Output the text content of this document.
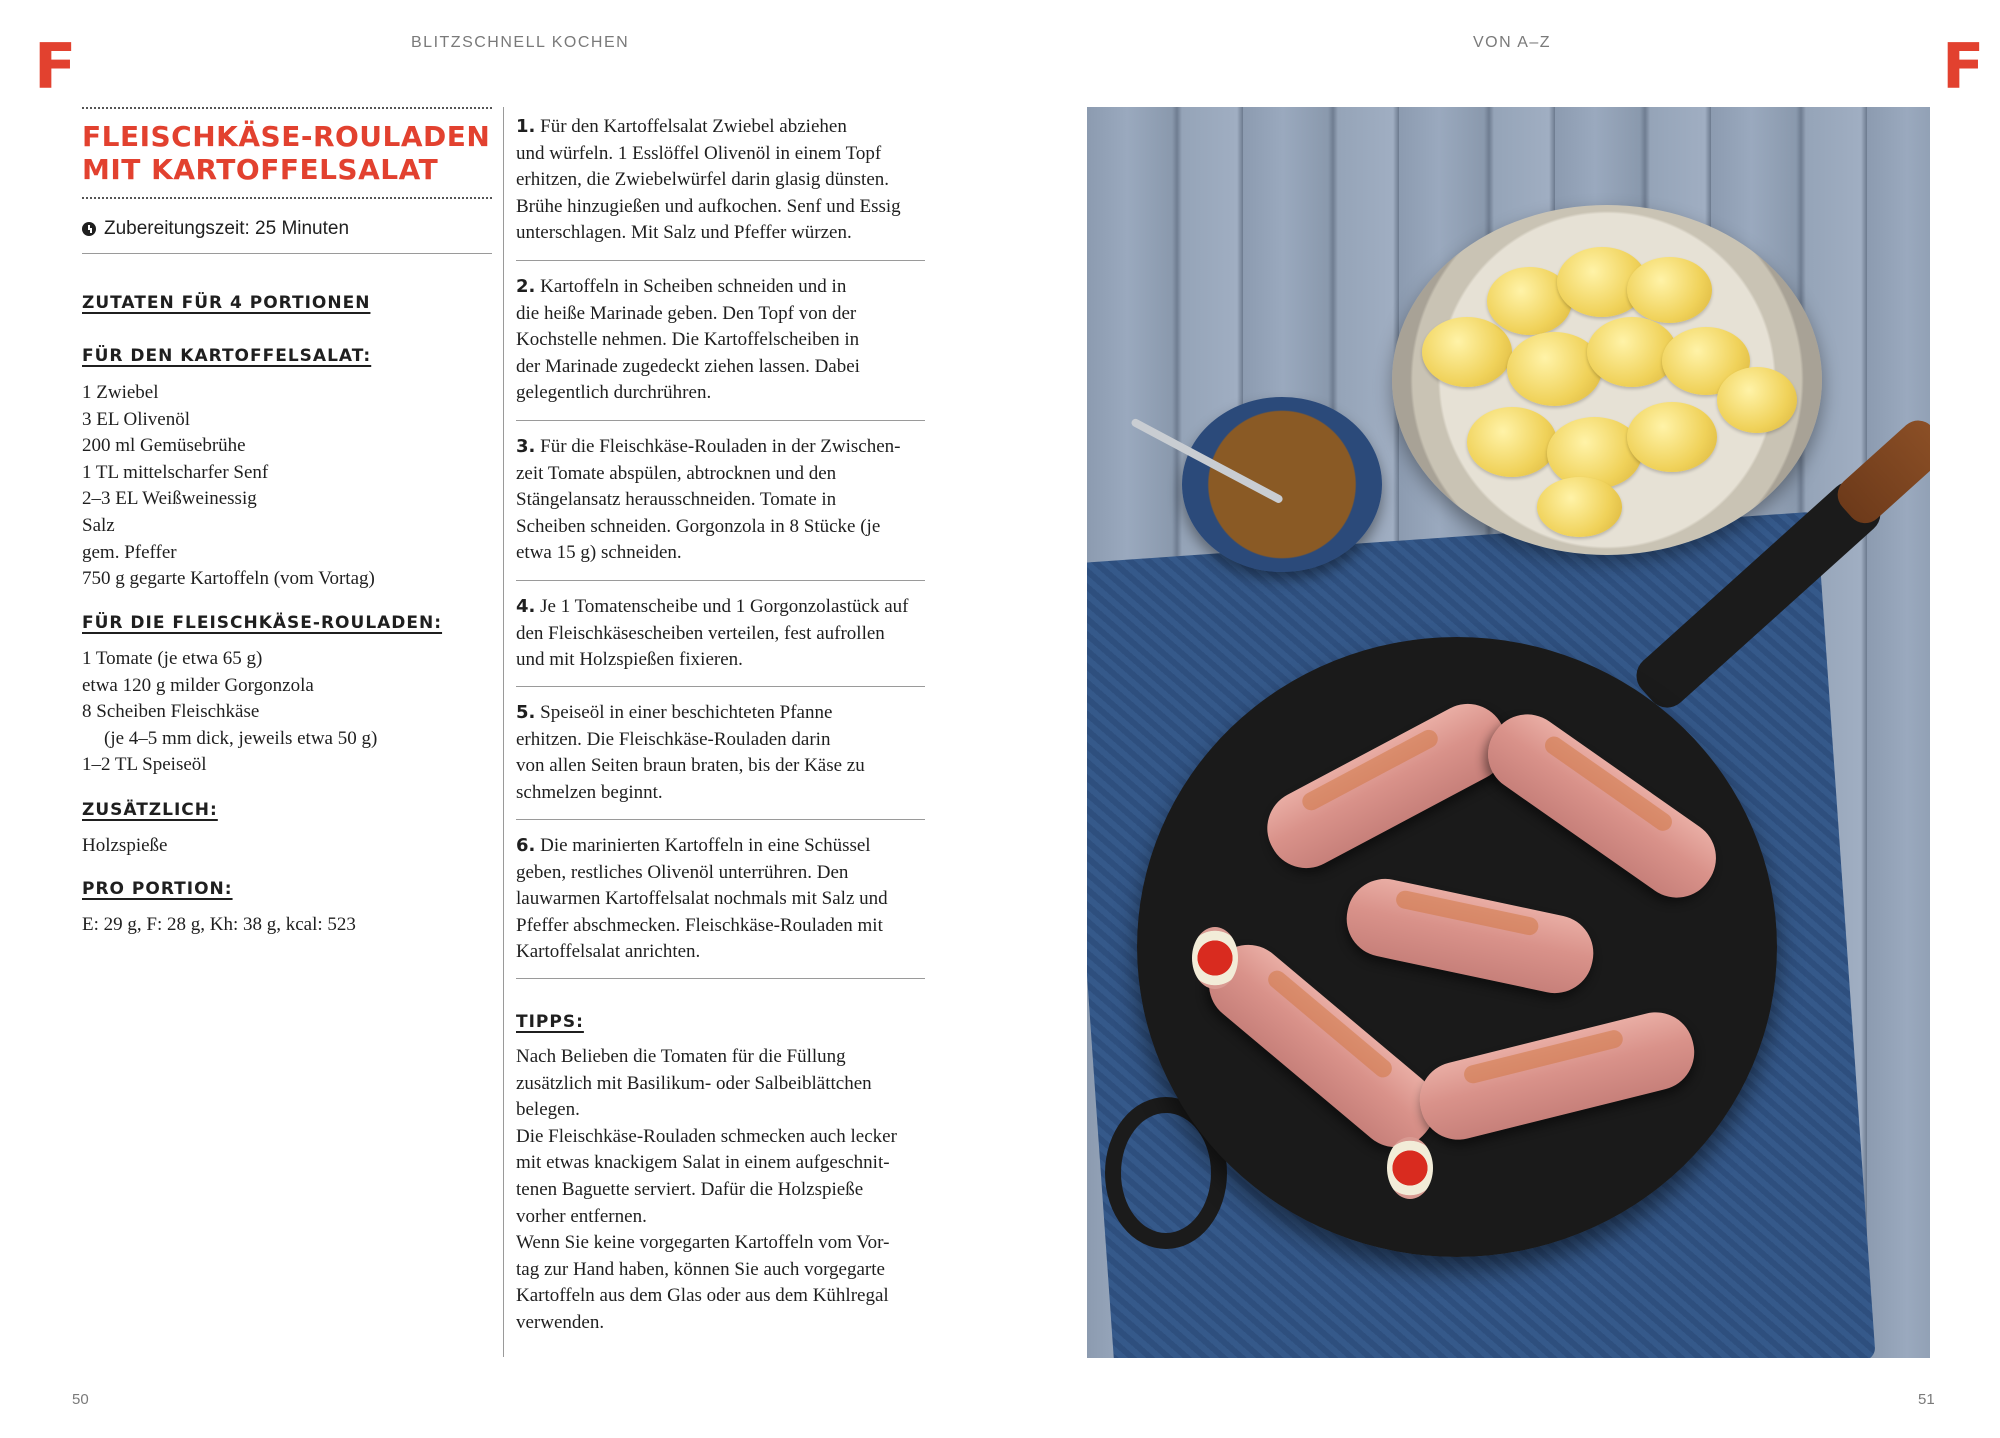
F	F
BLITZSCHNELL KOCHEN	VON A–Z
FLEISCHKÄSE-ROULADEN
MIT KARTOFFELSALAT
Zubereitungszeit: 25 Minuten
ZUTATEN FÜR 4 PORTIONEN
FÜR DEN KARTOFFELSALAT:
1 Zwiebel
3 EL Olivenöl
200 ml Gemüsebrühe
1 TL mittelscharfer Senf
2–3 EL Weißweinessig
Salz
gem. Pfeffer
750 g gegarte Kartoffeln (vom Vortag)
FÜR DIE FLEISCHKÄSE-ROULADEN:
1 Tomate (je etwa 65 g)
etwa 120 g milder Gorgonzola
8 Scheiben Fleischkäse
(je 4–5 mm dick, jeweils etwa 50 g)
1–2 TL Speiseöl
ZUSÄTZLICH:
Holzspieße
PRO PORTION:
E: 29 g, F: 28 g, Kh: 38 g, kcal: 523
1. Für den Kartoffelsalat Zwiebel abziehen
und würfeln. 1 Esslöffel Olivenöl in einem Topf
erhitzen, die Zwiebelwürfel darin glasig dünsten.
Brühe hinzugießen und aufkochen. Senf und Essig
unterschlagen. Mit Salz und Pfeffer würzen.
2. Kartoffeln in Scheiben schneiden und in
die heiße Marinade geben. Den Topf von der
Kochstelle nehmen. Die Kartoffelscheiben in
der Marinade zugedeckt ziehen lassen. Dabei
gelegentlich durchrühren.
3. Für die Fleischkäse-Rouladen in der Zwischen-
zeit Tomate abspülen, abtrocknen und den
Stängelansatz herausschneiden. Tomate in
Scheiben schneiden. Gorgonzola in 8 Stücke (je
etwa 15 g) schneiden.
4. Je 1 Tomatenscheibe und 1 Gorgonzolastück auf
den Fleischkäsescheiben verteilen, fest aufrollen
und mit Holzspießen fixieren.
5. Speiseöl in einer beschichteten Pfanne
erhitzen. Die Fleischkäse-Rouladen darin
von allen Seiten braun braten, bis der Käse zu
schmelzen beginnt.
6. Die marinierten Kartoffeln in eine Schüssel
geben, restliches Olivenöl unterrühren. Den
lauwarmen Kartoffelsalat nochmals mit Salz und
Pfeffer abschmecken. Fleischkäse-Rouladen mit
Kartoffelsalat anrichten.
TIPPS:
Nach Belieben die Tomaten für die Füllung
zusätzlich mit Basilikum- oder Salbeiblättchen
belegen.
Die Fleischkäse-Rouladen schmecken auch lecker
mit etwas knackigem Salat in einem aufgeschnit-
tenen Baguette serviert. Dafür die Holzspieße
vorher entfernen.
Wenn Sie keine vorgegarten Kartoffeln vom Vor-
tag zur Hand haben, können Sie auch vorgegarte
Kartoffeln aus dem Glas oder aus dem Kühlregal
verwenden.
50	51
